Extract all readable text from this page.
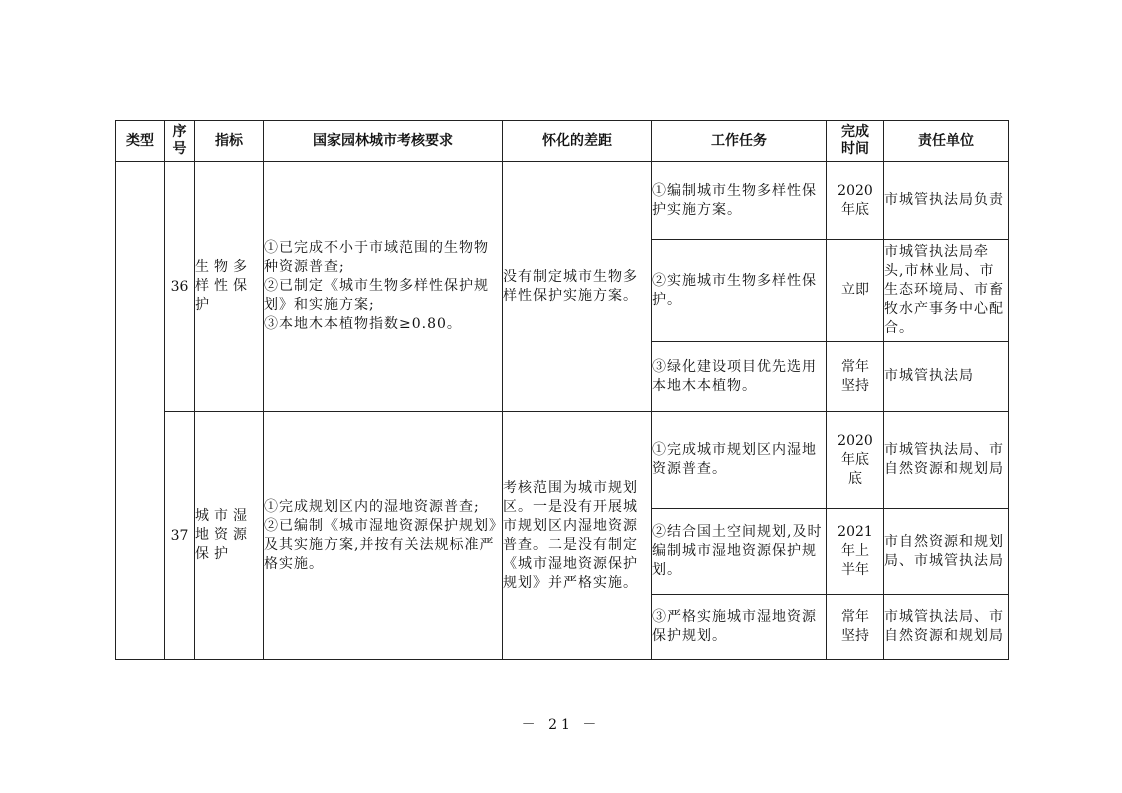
类型	序
号	指标	国家园林城市考核要求	怀化的差距	工作任务	完成
时间	责任单位
	36	生物多样性保护	①已完成不小于市域范围的生物物种资源普查;
②已制定《城市生物多样性保护规划》和实施方案;
③本地木本植物指数≥0.80。	没有制定城市生物多样性保护实施方案。	①编制城市生物多样性保护实施方案。	2020
年底	市城管执法局负责
					②实施城市生物多样性保护。	立即	市城管执法局牵头,市林业局、市生态环境局、市畜牧水产事务中心配合。
					③绿化建设项目优先选用本地木本植物。	常年
坚持	市城管执法局
	37	城市湿地资源保护	①完成规划区内的湿地资源普查;
②已编制《城市湿地资源保护规划》及其实施方案,并按有关法规标准严格实施。	考核范围为城市规划区。一是没有开展城市规划区内湿地资源普查。二是没有制定《城市湿地资源保护规划》并严格实施。	①完成城市规划区内湿地资源普查。	2020
年底
底	市城管执法局、市自然资源和规划局
					②结合国土空间规划,及时编制城市湿地资源保护规划。	2021
年上
半年	市自然资源和规划局、市城管执法局
					③严格实施城市湿地资源保护规划。	常年
坚持	市城管执法局、市自然资源和规划局
－ 21 －
